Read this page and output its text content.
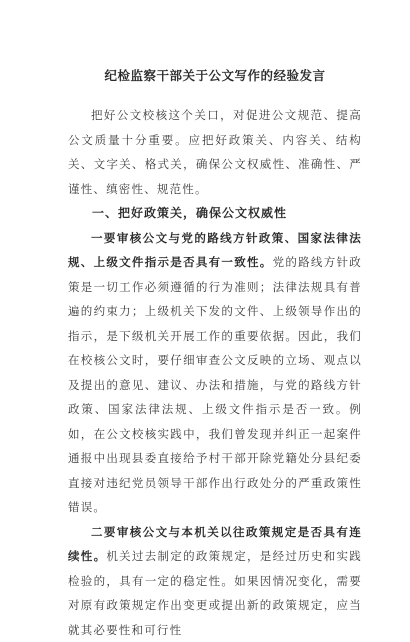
纪检监察干部关于公文写作的经验发言

把好公文校核这个关口，对促进公文规范、提高公文质量十分重要。应把好政策关、内容关、结构关、文字关、格式关，确保公文权威性、准确性、严谨性、缜密性、规范性。

一、把好政策关，确保公文权威性

一要审核公文与党的路线方针政策、国家法律法规、上级文件指示是否具有一致性。党的路线方针政策是一切工作必须遵循的行为准则；法律法规具有普遍的约束力；上级机关下发的文件、上级领导作出的指示，是下级机关开展工作的重要依据。因此，我们在校核公文时，要仔细审查公文反映的立场、观点以及提出的意见、建议、办法和措施，与党的路线方针政策、国家法律法规、上级文件指示是否一致。例如，在公文校核实践中，我们曾发现并纠正一起案件通报中出现县委直接给予村干部开除党籍处分县纪委直接对违纪党员领导干部作出行政处分的严重政策性错误。

二要审核公文与本机关以往政策规定是否具有连续性。机关过去制定的政策规定，是经过历史和实践检验的，具有一定的稳定性。如果因情况变化，需要对原有政策规定作出变更或提出新的政策规定，应当就其必要性和可行性
